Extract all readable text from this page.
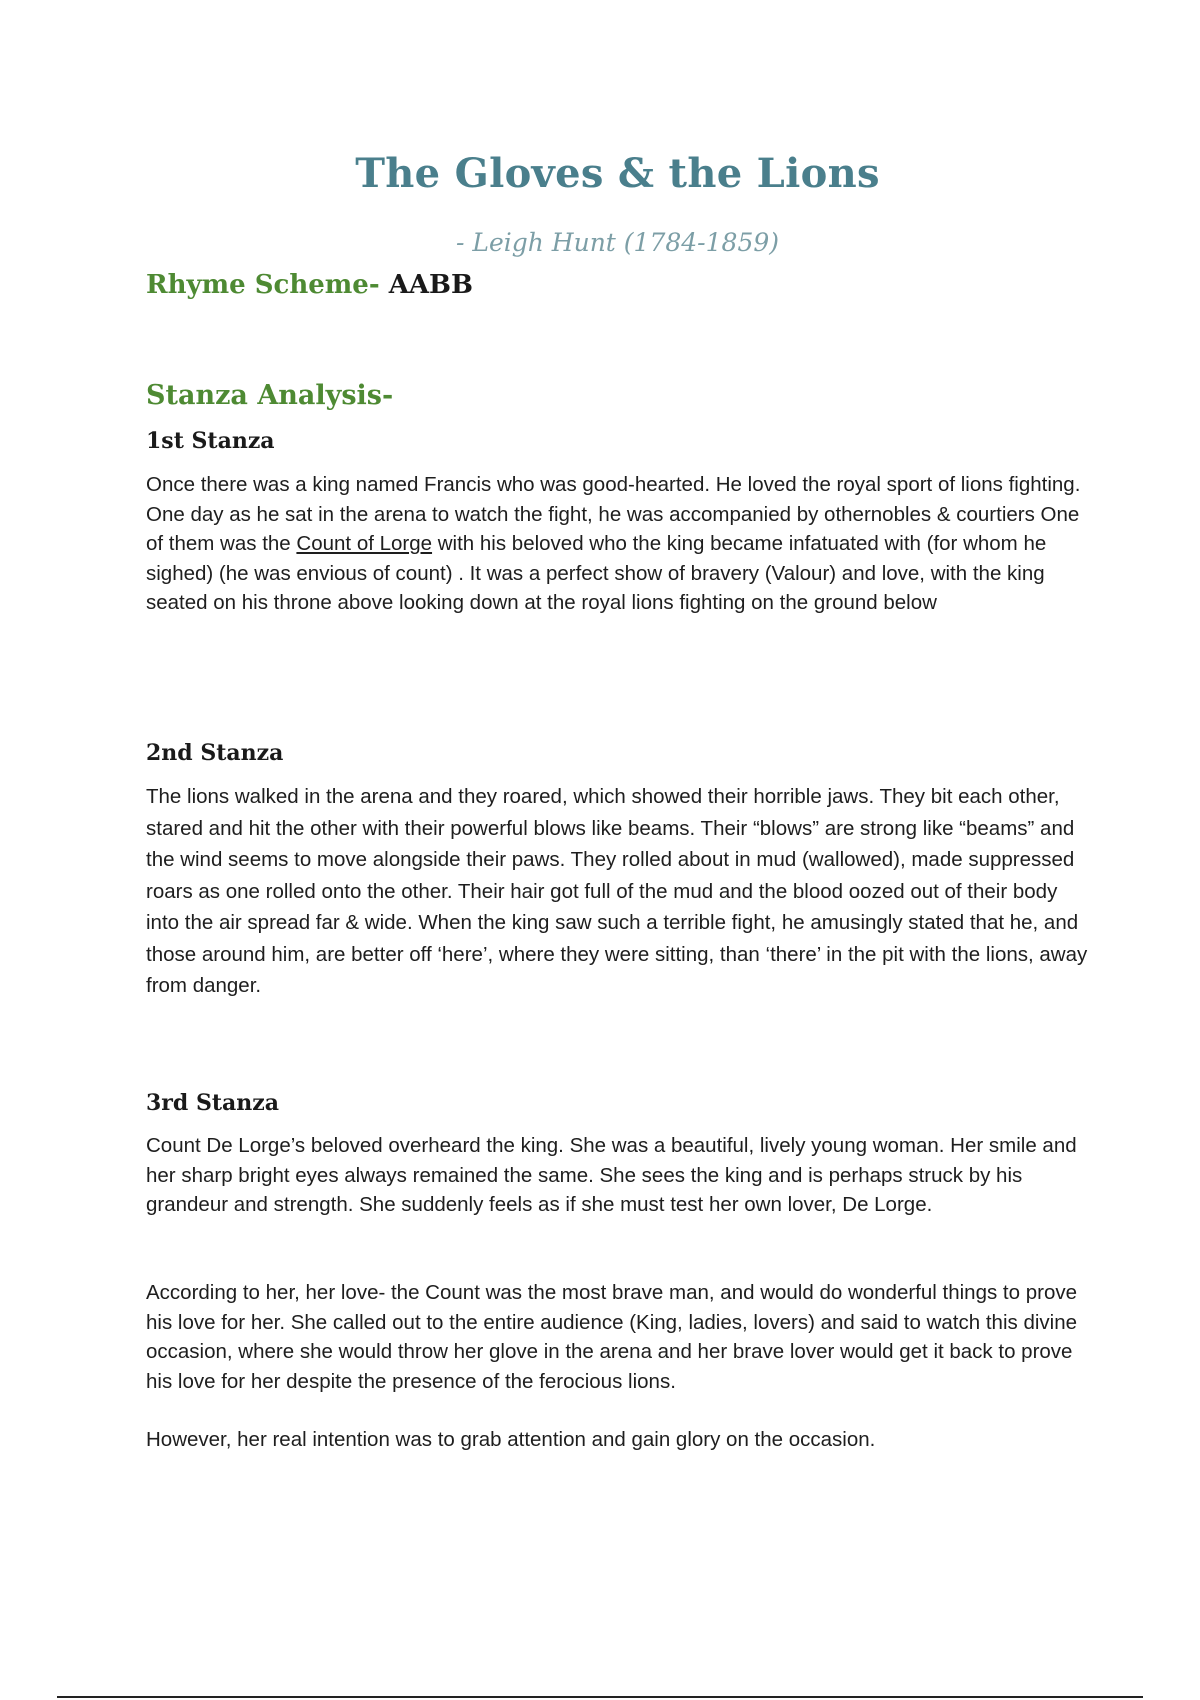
The Gloves & the Lions
- Leigh Hunt (1784-1859)
Rhyme Scheme- AABB
Stanza Analysis-
1st Stanza

Once there was a king named Francis who was good-hearted. He loved the royal sport of lions fighting. One day as he sat in the arena to watch the fight, he was accompanied by othernobles & courtiers One of them was the Count of Lorge with his beloved who the king became infatuated with (for whom he sighed) (he was envious of count) . It was a perfect show of bravery (Valour) and love, with the king seated on his throne above looking down at the royal lions fighting on the ground below

2nd Stanza

The lions walked in the arena and they roared, which showed their horrible jaws. They bit each other, stared and hit the other with their powerful blows like beams. Their “blows” are strong like “beams” and the wind seems to move alongside their paws. They rolled about in mud (wallowed), made suppressed roars as one rolled onto the other. Their hair got full of the mud and the blood oozed out of their body into the air spread far & wide. When the king saw such a terrible fight, he amusingly stated that he, and those around him, are better off ‘here’, where they were sitting, than ‘there’ in the pit with the lions, away from danger.

3rd Stanza

Count De Lorge’s beloved overheard the king. She was a beautiful, lively young woman. Her smile and her sharp bright eyes always remained the same. She sees the king and is perhaps struck by his grandeur and strength. She suddenly feels as if she must test her own lover, De Lorge.

According to her, her love- the Count was the most brave man, and would do wonderful things to prove his love for her. She called out to the entire audience (King, ladies, lovers) and said to watch this divine occasion, where she would throw her glove in the arena and her brave lover would get it back to prove his love for her despite the presence of the ferocious lions.

However, her real intention was to grab attention and gain glory on the occasion.
